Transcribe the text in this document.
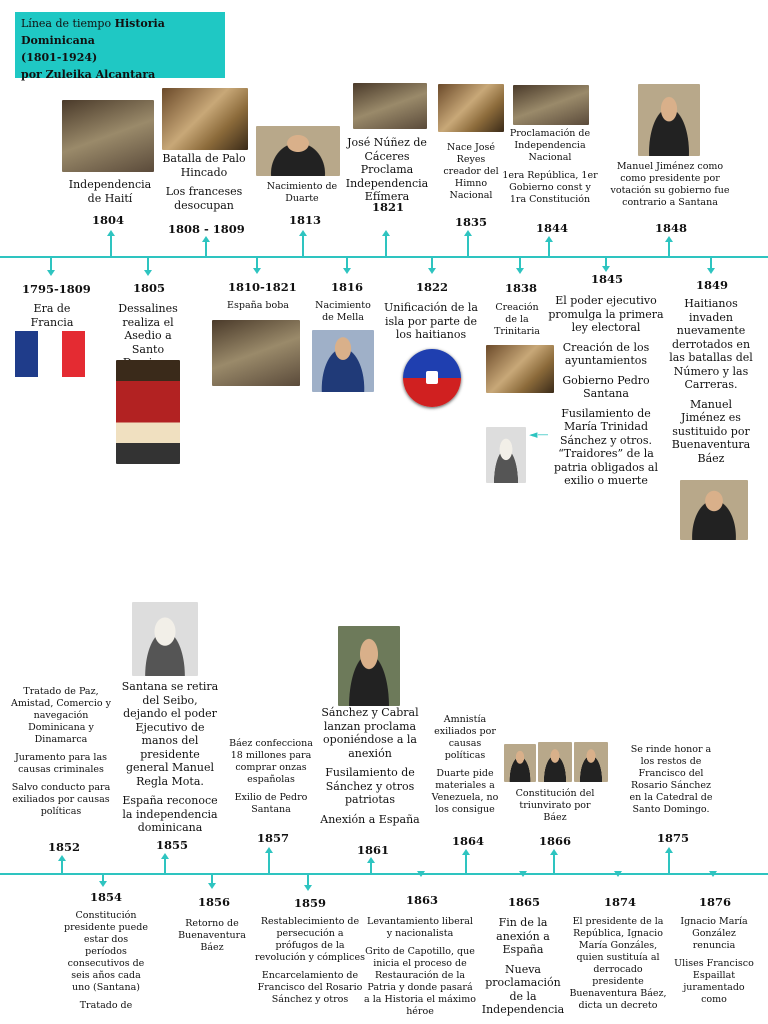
Línea de tiempo Historia Dominicana
(1801-1924)
por Zuleika Alcantara

Independencia de Haití

1804

Batalla de Palo Hincado

Los franceses desocupan

1808 - 1809

Nacimiento de Duarte

1813

José Núñez de Cáceres Proclama Independencia Efímera

1821

Nace José Reyes creador del Himno Nacional

1835

Proclamación de Independencia Nacional

1era República, 1er Gobierno const y 1ra Constitución

1844

Manuel Jiménez como como presidente por votación su gobierno fue contrario a Santana

1848
1795-1809

Era de Francia

1805

Dessalines realiza el Asedio a Santo

1810-1821

España boba

1816

Nacimiento de Mella

1822

Unificación de la isla por parte de los haitianos

1838

Creación de la Trinitaria

1845

El poder ejecutivo promulga la primera ley electoral

Creación de los ayuntamientos

Gobierno Pedro Santana

Fusilamiento de María Trinidad Sánchez y otros. “Traidores” de la patria obligados al exilio o muerte

◄—
1849

Haitianos invaden nuevamente derrotados en las batallas del Número y las Carreras.

Manuel Jiménez es sustituido por Buenaventura Báez

Tratado de Paz, Amistad, Comercio y navegación Dominicana y Dinamarca

Juramento para las causas criminales

Salvo conducto para exiliados por causas políticas

1852

Santana se retira del Seibo, dejando el poder Ejecutivo de manos del presidente general Manuel Regla Mota.

España reconoce la independencia dominicana

1855

Báez confecciona 18 millones para comprar onzas españolas

Exilio de Pedro Santana

1857

Sánchez y Cabral lanzan proclama oponiéndose a la anexión

Fusilamiento de Sánchez y otros patriotas

Anexión a España

1861

Amnistía exiliados por causas políticas

Duarte pide materiales a Venezuela, no los consigue

1864

Constitución del triunvirato por Báez

1866

Se rinde honor a los restos de Francisco del Rosario Sánchez en la Catedral de Santo Domingo.

1875
1854

Constitución presidente puede estar dos períodos consecutivos de seis años cada uno (Santana)

Tratado de

1856

Retorno de Buenaventura Báez

1859

Restablecimiento de persecución a prófugos de la revolución y cómplices

Encarcelamiento de Francisco del Rosario Sánchez y otros

1863

Levantamiento liberal y nacionalista

Grito de Capotillo, que inicia el proceso de Restauración de la Patria y donde pasará a la Historia el máximo héroe

1865

Fin de la anexión a España

Nueva proclamación de la Independencia

1874

El presidente de la República, Ignacio María Gonzáles, quien sustituía al derrocado presidente Buenaventura Báez, dicta un decreto

1876

Ignacio María González renuncia

Ulises Francisco Espaillat juramentado como
